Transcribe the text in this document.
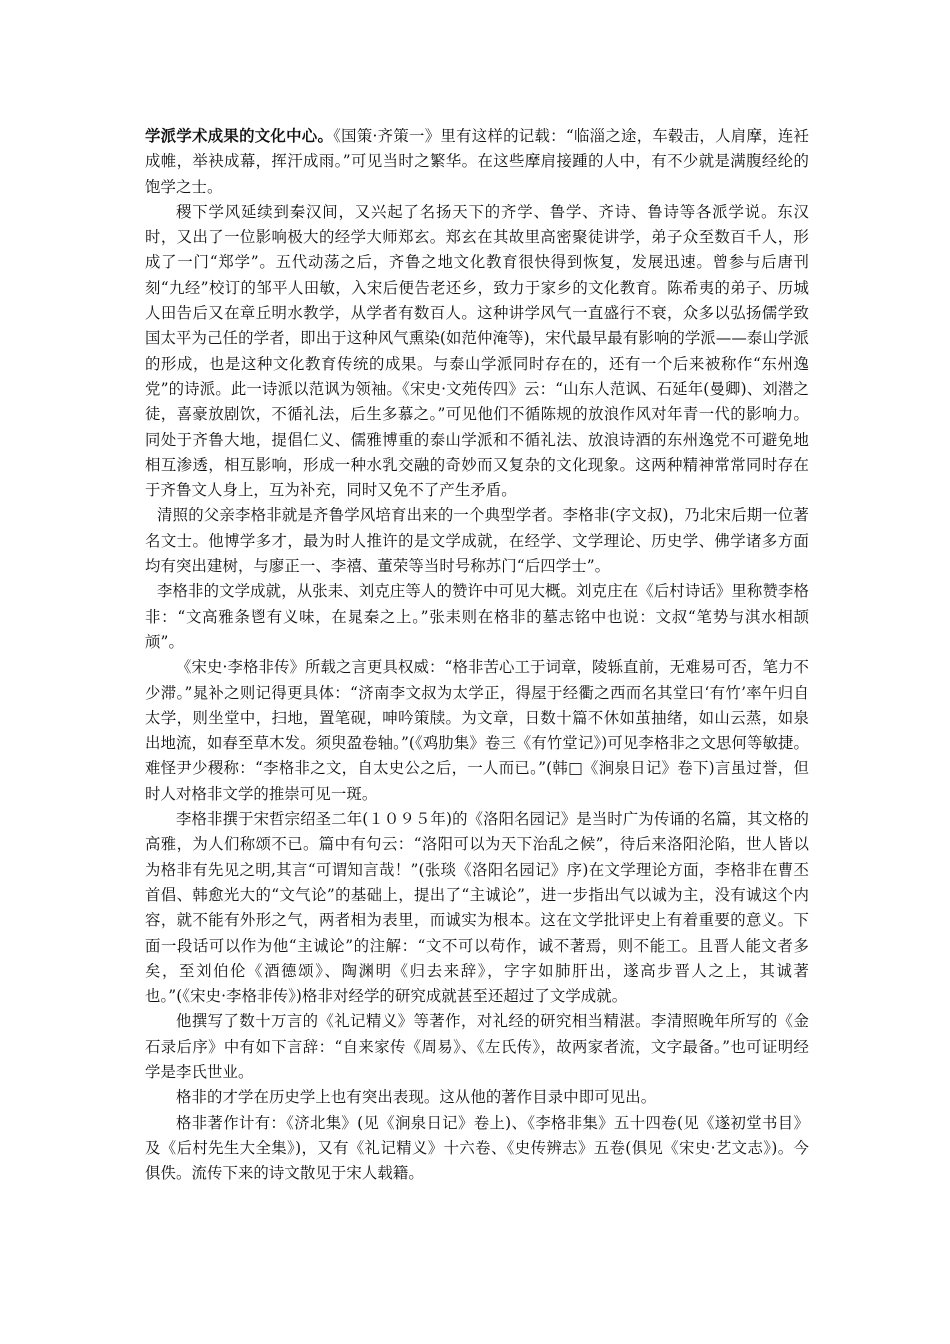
学派学术成果的文化中心。《国策·齐策一》里有这样的记载：“临淄之途，车毂击，人肩摩，连衽成帷，举袂成幕，挥汗成雨。”可见当时之繁华。在这些摩肩接踵的人中，有不少就是满腹经纶的饱学之士。

稷下学风延续到秦汉间，又兴起了名扬天下的齐学、鲁学、齐诗、鲁诗等各派学说。东汉时，又出了一位影响极大的经学大师郑玄。郑玄在其故里高密聚徒讲学，弟子众至数百千人，形成了一门“郑学”。五代动荡之后，齐鲁之地文化教育很快得到恢复，发展迅速。曾参与后唐刊刻“九经”校订的邹平人田敏，入宋后便告老还乡，致力于家乡的文化教育。陈希夷的弟子、历城人田告后又在章丘明水教学，从学者有数百人。这种讲学风气一直盛行不衰，众多以弘扬儒学致国太平为己任的学者，即出于这种风气熏染(如范仲淹等)，宋代最早最有影响的学派——泰山学派的形成，也是这种文化教育传统的成果。与泰山学派同时存在的，还有一个后来被称作“东州逸党”的诗派。此一诗派以范讽为领袖。《宋史·文苑传四》云：“山东人范讽、石延年(曼卿)、刘潜之徒，喜豪放剧饮，不循礼法，后生多慕之。”可见他们不循陈规的放浪作风对年青一代的影响力。同处于齐鲁大地，提倡仁义、儒雅博重的泰山学派和不循礼法、放浪诗酒的东州逸党不可避免地相互渗透，相互影响，形成一种水乳交融的奇妙而又复杂的文化现象。这两种精神常常同时存在于齐鲁文人身上，互为补充，同时又免不了产生矛盾。

清照的父亲李格非就是齐鲁学风培育出来的一个典型学者。李格非(字文叔)，乃北宋后期一位著名文士。他博学多才，最为时人推许的是文学成就，在经学、文学理论、历史学、佛学诸多方面均有突出建树，与廖正一、李禧、董荣等当时号称苏门“后四学士”。

李格非的文学成就，从张耒、刘克庄等人的赞许中可见大概。刘克庄在《后村诗话》里称赞李格非：“文高雅条鬯有义味，在晁秦之上。”张耒则在格非的墓志铭中也说：文叔“笔势与淇水相颉颃”。

《宋史·李格非传》所载之言更具权威：“格非苦心工于词章，陵轹直前，无难易可否，笔力不少滞。”晁补之则记得更具体：“济南李文叔为太学正，得屋于经衢之西而名其堂曰‘有竹’率午归自太学，则坐堂中，扫地，置笔砚，呻吟策牍。为文章，日数十篇不休如茧抽绪，如山云蒸，如泉出地流，如春至草木发。须臾盈卷轴。”(《鸡肋集》卷三《有竹堂记》)可见李格非之文思何等敏捷。难怪尹少稷称：“李格非之文，自太史公之后，一人而已。”(韩□《涧泉日记》卷下)言虽过誉，但时人对格非文学的推崇可见一斑。

李格非撰于宋哲宗绍圣二年(１０９５年)的《洛阳名园记》是当时广为传诵的名篇，其文格的高雅，为人们称颂不已。篇中有句云：“洛阳可以为天下治乱之候”，待后来洛阳沦陷，世人皆以为格非有先见之明,其言“可谓知言哉！”(张琰《洛阳名园记》序)在文学理论方面，李格非在曹丕首倡、韩愈光大的“文气论”的基础上，提出了“主诚论”，进一步指出气以诚为主，没有诚这个内容，就不能有外形之气，两者相为表里，而诚实为根本。这在文学批评史上有着重要的意义。下面一段话可以作为他“主诚论”的注解：“文不可以苟作，诚不著焉，则不能工。且晋人能文者多矣，至刘伯伦《酒德颂》、陶渊明《归去来辞》，字字如肺肝出，遂高步晋人之上，其诚著也。”(《宋史·李格非传》)格非对经学的研究成就甚至还超过了文学成就。

他撰写了数十万言的《礼记精义》等著作，对礼经的研究相当精湛。李清照晚年所写的《金石录后序》中有如下言辞：“自来家传《周易》、《左氏传》，故两家者流，文字最备。”也可证明经学是李氏世业。

格非的才学在历史学上也有突出表现。这从他的著作目录中即可见出。

格非著作计有：《济北集》(见《涧泉日记》卷上)、《李格非集》五十四卷(见《遂初堂书目》及《后村先生大全集》)，又有《礼记精义》十六卷、《史传辨志》五卷(俱见《宋史·艺文志》)。今俱佚。流传下来的诗文散见于宋人载籍。
